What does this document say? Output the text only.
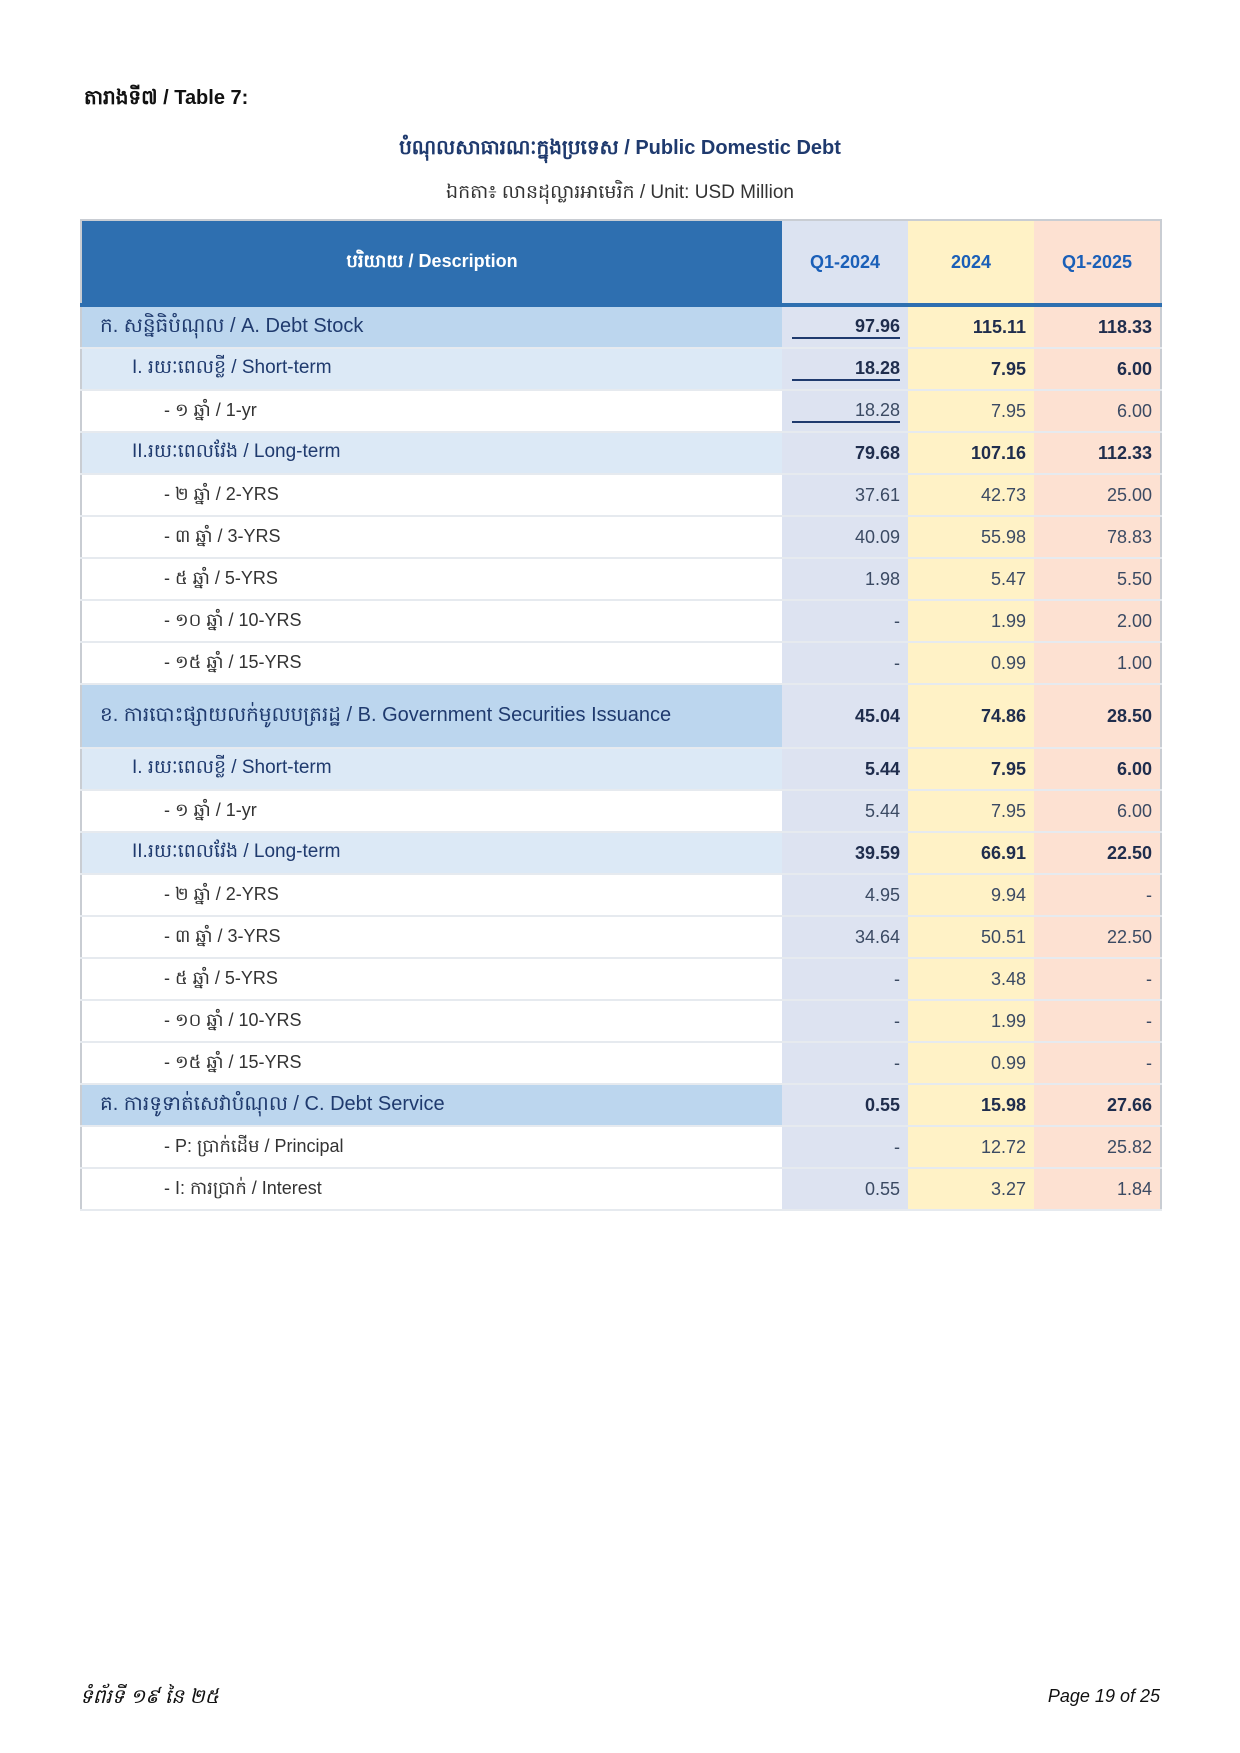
តារាងទី៧ / Table 7:
បំណុលសាធារណៈក្នុងប្រទេស / Public Domestic Debt
ឯកតា៖ លានដុល្លារអាមេរិក / Unit: USD Million
បរិយាយ / Description	Q1-2024	2024	Q1-2025
ក. សន្និធិបំណុល / A. Debt Stock	97.96	115.11	118.33
I. រយៈពេលខ្លី / Short-term	18.28	7.95	6.00
- ១ ឆ្នាំ / 1-yr	18.28	7.95	6.00
II.រយៈពេលវែង / Long-term	79.68	107.16	112.33
- ២ ឆ្នាំ / 2-YRS	37.61	42.73	25.00
- ៣ ឆ្នាំ / 3-YRS	40.09	55.98	78.83
- ៥ ឆ្នាំ / 5-YRS	1.98	5.47	5.50
- ១០ ឆ្នាំ / 10-YRS	-	1.99	2.00
- ១៥ ឆ្នាំ / 15-YRS	-	0.99	1.00
ខ. ការបោះផ្សាយលក់មូលបត្ររដ្ឋ / B. Government Securities Issuance	45.04	74.86	28.50
I. រយៈពេលខ្លី / Short-term	5.44	7.95	6.00
- ១ ឆ្នាំ / 1-yr	5.44	7.95	6.00
II.រយៈពេលវែង / Long-term	39.59	66.91	22.50
- ២ ឆ្នាំ / 2-YRS	4.95	9.94	-
- ៣ ឆ្នាំ / 3-YRS	34.64	50.51	22.50
- ៥ ឆ្នាំ / 5-YRS	-	3.48	-
- ១០ ឆ្នាំ / 10-YRS	-	1.99	-
- ១៥ ឆ្នាំ / 15-YRS	-	0.99	-
គ. ការទូទាត់សេវាបំណុល / C. Debt Service	0.55	15.98	27.66
- P: ប្រាក់ដើម / Principal	-	12.72	25.82
- I: ការប្រាក់ / Interest	0.55	3.27	1.84
ទំព័រទី ១៩ នៃ ២៥	Page 19 of 25
